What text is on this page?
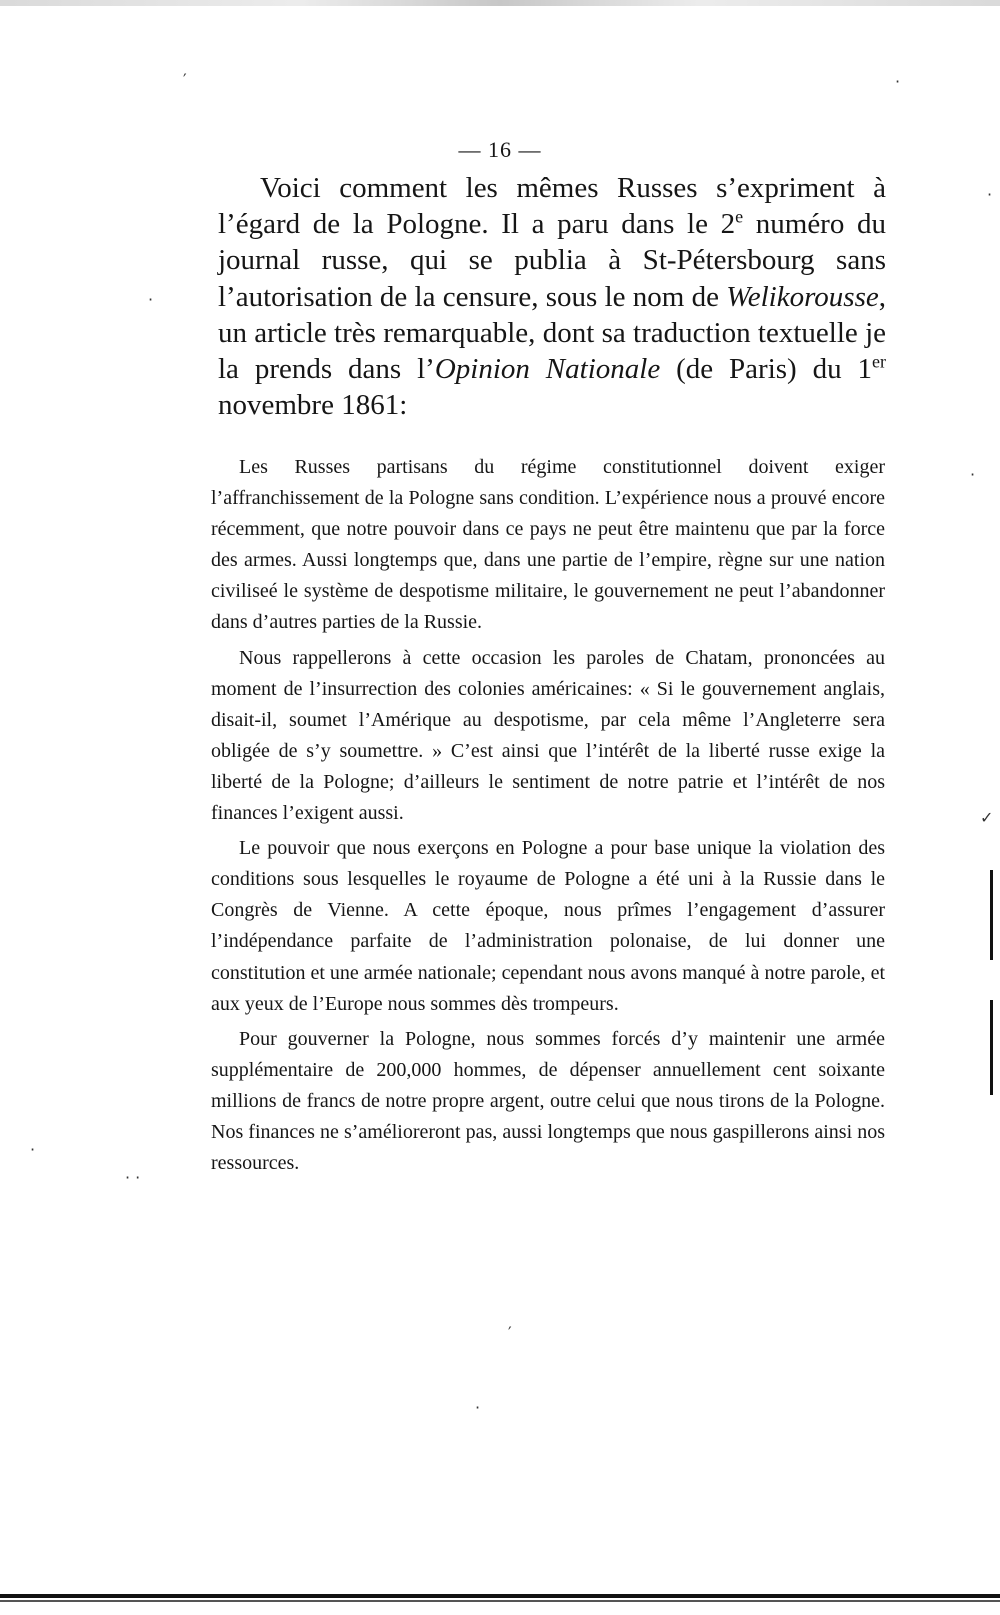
— 16 —

Voici comment les mêmes Russes s’expriment à l’égard de la Pologne. Il a paru dans le 2e numéro du journal russe, qui se publia à St-Pétersbourg sans l’autorisation de la censure, sous le nom de Welikorousse, un article très remarquable, dont sa traduction textuelle je la prends dans l’Opinion Nationale (de Paris) du 1er novembre 1861:

Les Russes partisans du régime constitutionnel doivent exiger l’affranchissement de la Pologne sans condition. L’expérience nous a prouvé encore récemment, que notre pouvoir dans ce pays ne peut être maintenu que par la force des armes. Aussi longtemps que, dans une partie de l’empire, règne sur une nation civiliseé le système de despotisme militaire, le gouvernement ne peut l’abandonner dans d’autres parties de la Russie.

Nous rappellerons à cette occasion les paroles de Chatam, prononcées au moment de l’insurrection des colonies américaines: « Si le gouvernement anglais, disait-il, soumet l’Amérique au despotisme, par cela même l’Angleterre sera obligée de s’y soumettre. » C’est ainsi que l’intérêt de la liberté russe exige la liberté de la Pologne; d’ailleurs le sentiment de notre patrie et l’intérêt de nos finances l’exigent aussi.

Le pouvoir que nous exerçons en Pologne a pour base unique la violation des conditions sous lesquelles le royaume de Pologne a été uni à la Russie dans le Congrès de Vienne. A cette époque, nous prîmes l’engagement d’assurer l’indépendance parfaite de l’administration polonaise, de lui donner une constitution et une armée nationale; cependant nous avons manqué à notre parole, et aux yeux de l’Europe nous sommes dès trompeurs.

Pour gouverner la Pologne, nous sommes forcés d’y maintenir une armée supplémentaire de 200,000 hommes, de dépenser annuellement cent soixante millions de francs de notre propre argent, outre celui que nous tirons de la Pologne. Nos finances ne s’amélioreront pas, aussi longtemps que nous gaspillerons ainsi nos ressources.

′	·
·
·
·
✓
·
· ·
′
·
